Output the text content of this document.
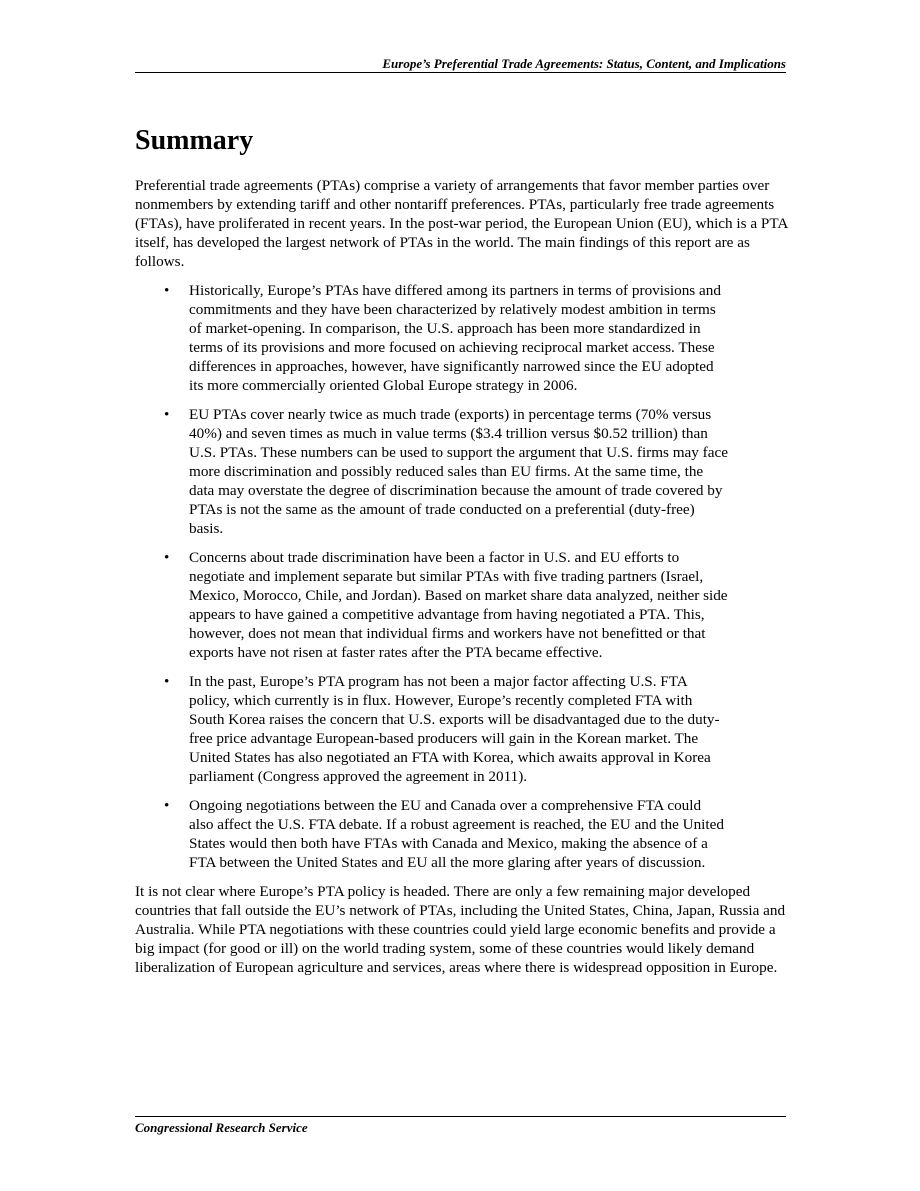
Europe’s Preferential Trade Agreements: Status, Content, and Implications
Summary

Preferential trade agreements (PTAs) comprise a variety of arrangements that favor member parties over nonmembers by extending tariff and other nontariff preferences. PTAs, particularly free trade agreements (FTAs), have proliferated in recent years. In the post-war period, the European Union (EU), which is a PTA itself, has developed the largest network of PTAs in the world. The main findings of this report are as follows.

• Historically, Europe’s PTAs have differed among its partners in terms of provisions and commitments and they have been characterized by relatively modest ambition in terms of market-opening. In comparison, the U.S. approach has been more standardized in terms of its provisions and more focused on achieving reciprocal market access. These differences in approaches, however, have significantly narrowed since the EU adopted its more commercially oriented Global Europe strategy in 2006.
• EU PTAs cover nearly twice as much trade (exports) in percentage terms (70% versus 40%) and seven times as much in value terms ($3.4 trillion versus $0.52 trillion) than U.S. PTAs. These numbers can be used to support the argument that U.S. firms may face more discrimination and possibly reduced sales than EU firms. At the same time, the data may overstate the degree of discrimination because the amount of trade covered by PTAs is not the same as the amount of trade conducted on a preferential (duty-free) basis.
• Concerns about trade discrimination have been a factor in U.S. and EU efforts to negotiate and implement separate but similar PTAs with five trading partners (Israel, Mexico, Morocco, Chile, and Jordan). Based on market share data analyzed, neither side appears to have gained a competitive advantage from having negotiated a PTA. This, however, does not mean that individual firms and workers have not benefitted or that exports have not risen at faster rates after the PTA became effective.
• In the past, Europe’s PTA program has not been a major factor affecting U.S. FTA policy, which currently is in flux. However, Europe’s recently completed FTA with South Korea raises the concern that U.S. exports will be disadvantaged due to the duty-free price advantage European-based producers will gain in the Korean market. The United States has also negotiated an FTA with Korea, which awaits approval in Korea parliament (Congress approved the agreement in 2011).
• Ongoing negotiations between the EU and Canada over a comprehensive FTA could also affect the U.S. FTA debate. If a robust agreement is reached, the EU and the United States would then both have FTAs with Canada and Mexico, making the absence of a FTA between the United States and EU all the more glaring after years of discussion.

It is not clear where Europe’s PTA policy is headed. There are only a few remaining major developed countries that fall outside the EU’s network of PTAs, including the United States, China, Japan, Russia and Australia. While PTA negotiations with these countries could yield large economic benefits and provide a big impact (for good or ill) on the world trading system, some of these countries would likely demand liberalization of European agriculture and services, areas where there is widespread opposition in Europe.

Congressional Research Service
